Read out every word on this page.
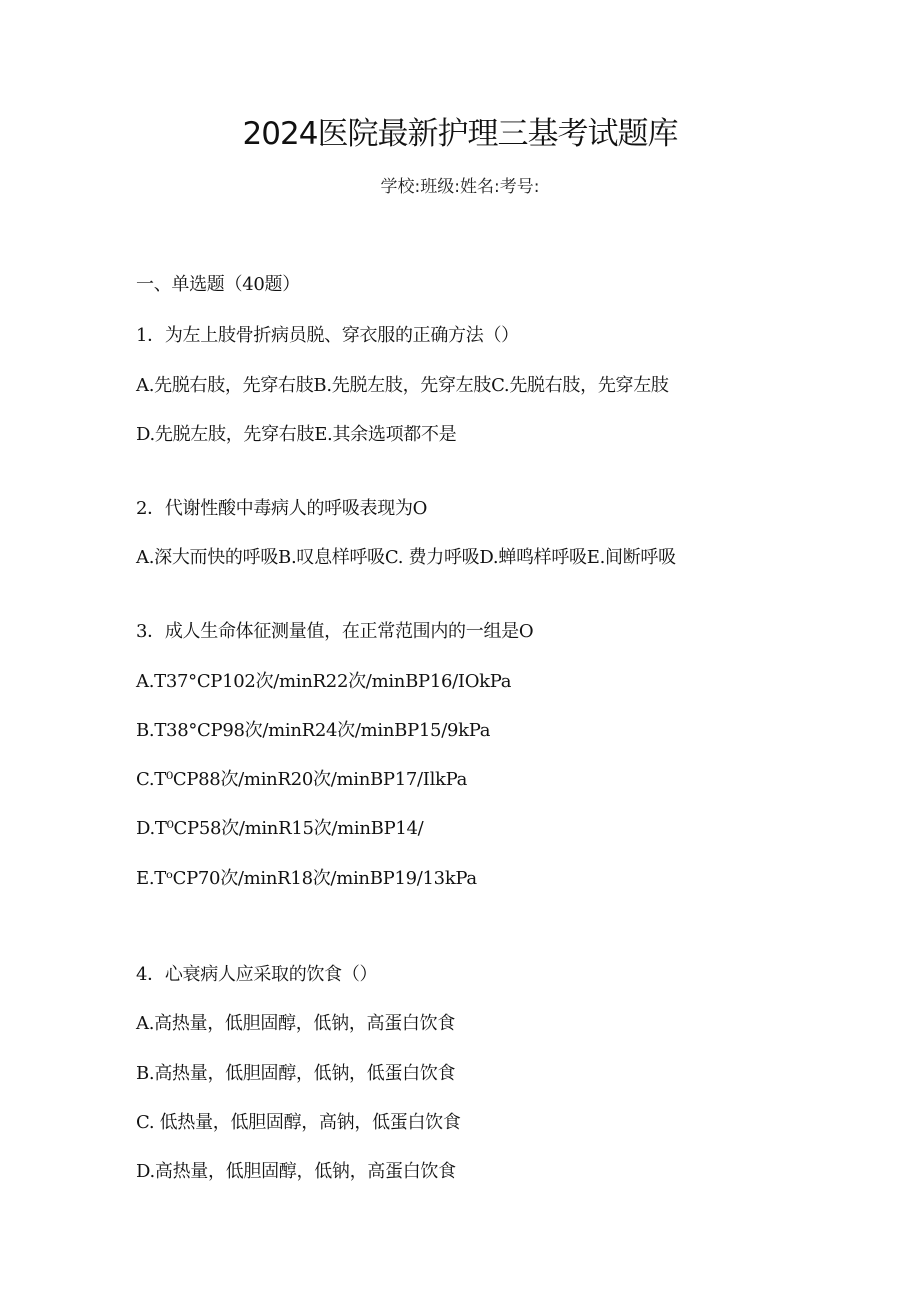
2024医院最新护理三基考试题库
学校:班级:姓名:考号:
一、单选题（40题）
1．为左上肢骨折病员脱、穿衣服的正确方法（）
A.先脱右肢，先穿右肢B.先脱左肢，先穿左肢C.先脱右肢，先穿左肢
D.先脱左肢，先穿右肢E.其余选项都不是
2．代谢性酸中毒病人的呼吸表现为O
A.深大而快的呼吸B.叹息样呼吸C. 费力呼吸D.蝉鸣样呼吸E.间断呼吸
3．成人生命体征测量值，在正常范围内的一组是O
A.T37°CP102次/minR22次/minBP16/IOkPa
B.T38°CP98次/minR24次/minBP15/9kPa
C.T⁰CP88次/minR20次/minBP17/IlkPa
D.T⁰CP58次/minR15次/minBP14/
E.TᵒCP70次/minR18次/minBP19/13kPa
4．心衰病人应采取的饮食（）
A.高热量，低胆固醇，低钠，高蛋白饮食
B.高热量，低胆固醇，低钠，低蛋白饮食
C. 低热量，低胆固醇，高钠，低蛋白饮食
D.高热量，低胆固醇，低钠，高蛋白饮食
